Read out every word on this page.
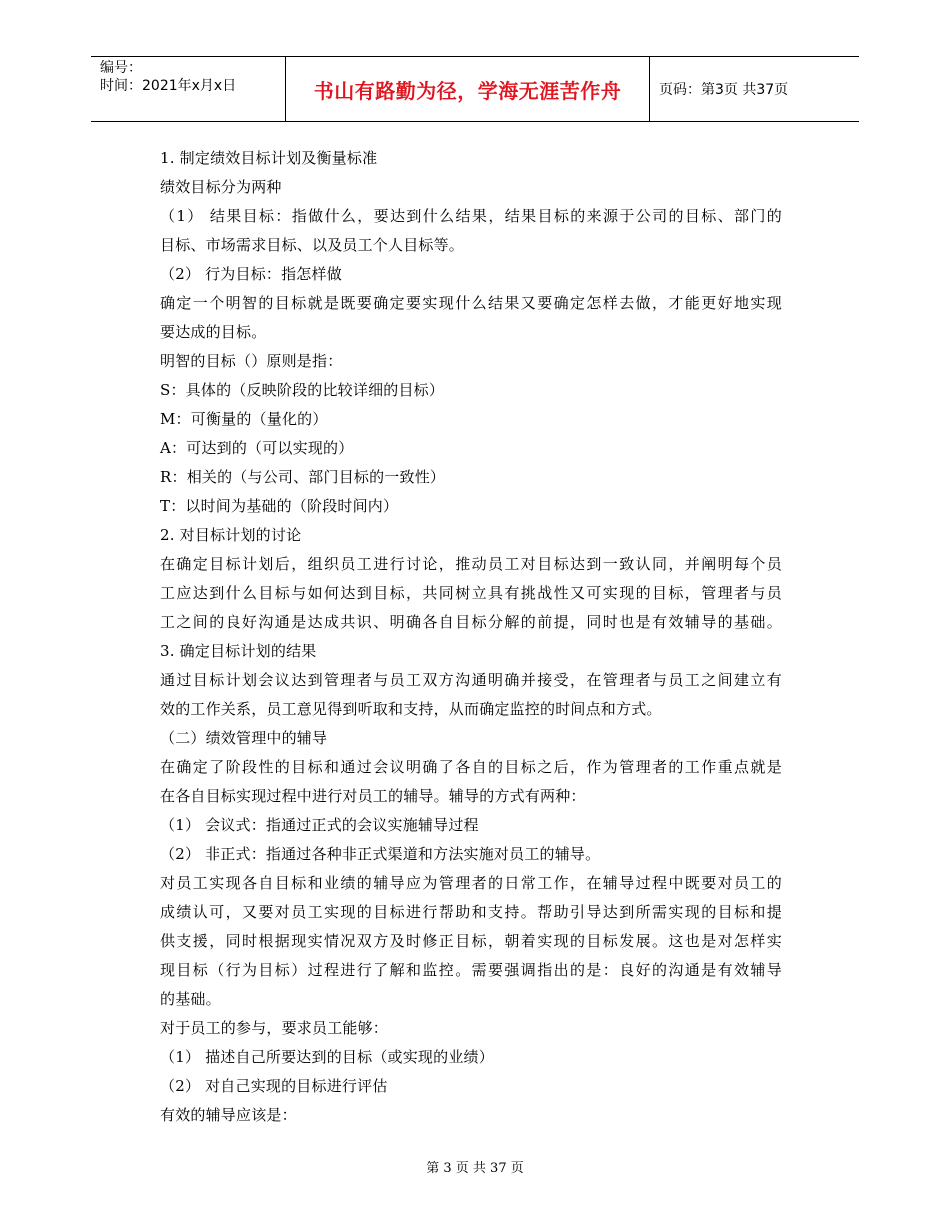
编号：
时间：2021年x月x日	书山有路勤为径，学海无涯苦作舟	页码：第3页 共37页
1. 制定绩效目标计划及衡量标准
绩效目标分为两种
（1） 结果目标：指做什么，要达到什么结果，结果目标的来源于公司的目标、部门的
目标、市场需求目标、以及员工个人目标等。
（2） 行为目标：指怎样做
确定一个明智的目标就是既要确定要实现什么结果又要确定怎样去做，才能更好地实现
要达成的目标。
明智的目标（）原则是指：
S：具体的（反映阶段的比较详细的目标）
M：可衡量的（量化的）
A：可达到的（可以实现的）
R：相关的（与公司、部门目标的一致性）
T：以时间为基础的（阶段时间内）
2. 对目标计划的讨论
在确定目标计划后，组织员工进行讨论，推动员工对目标达到一致认同，并阐明每个员
工应达到什么目标与如何达到目标，共同树立具有挑战性又可实现的目标，管理者与员
工之间的良好沟通是达成共识、明确各自目标分解的前提，同时也是有效辅导的基础。
3. 确定目标计划的结果
通过目标计划会议达到管理者与员工双方沟通明确并接受，在管理者与员工之间建立有
效的工作关系，员工意见得到听取和支持，从而确定监控的时间点和方式。
（二）绩效管理中的辅导
在确定了阶段性的目标和通过会议明确了各自的目标之后，作为管理者的工作重点就是
在各自目标实现过程中进行对员工的辅导。辅导的方式有两种：
（1） 会议式：指通过正式的会议实施辅导过程
（2） 非正式：指通过各种非正式渠道和方法实施对员工的辅导。
对员工实现各自目标和业绩的辅导应为管理者的日常工作，在辅导过程中既要对员工的
成绩认可，又要对员工实现的目标进行帮助和支持。帮助引导达到所需实现的目标和提
供支援，同时根据现实情况双方及时修正目标，朝着实现的目标发展。这也是对怎样实
现目标（行为目标）过程进行了解和监控。需要强调指出的是：良好的沟通是有效辅导
的基础。
对于员工的参与，要求员工能够：
（1） 描述自己所要达到的目标（或实现的业绩）
（2） 对自己实现的目标进行评估
有效的辅导应该是：
第 3 页 共 37 页
